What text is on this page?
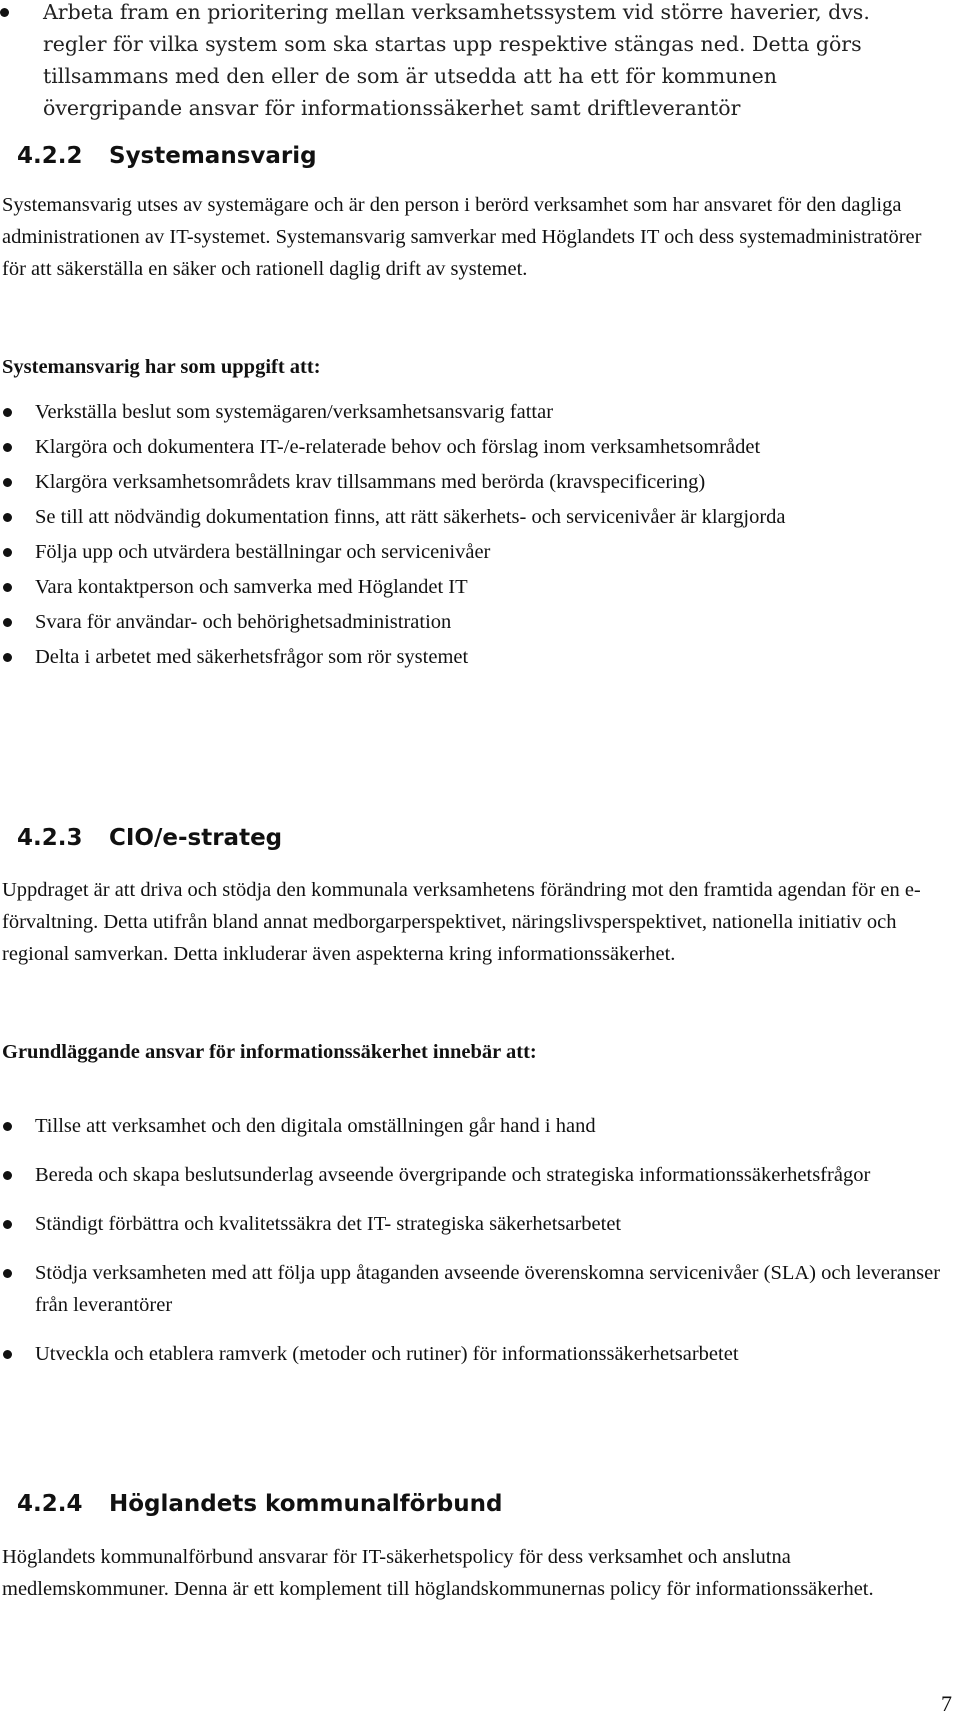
Arbeta fram en prioritering mellan verksamhetssystem vid större haverier, dvs. regler för vilka system som ska startas upp respektive stängas ned. Detta görs tillsammans med den eller de som är utsedda att ha ett för kommunen övergripande ansvar för informationssäkerhet samt driftleverantör
4.2.2 Systemansvarig

Systemansvarig utses av systemägare och är den person i berörd verksamhet som har ansvaret för den dagliga administrationen av IT-systemet. Systemansvarig samverkar med Höglandets IT och dess systemadministratörer för att säkerställa en säker och rationell daglig drift av systemet.

Systemansvarig har som uppgift att:

Verkställa beslut som systemägaren/verksamhetsansvarig fattar
Klargöra och dokumentera IT-/e-relaterade behov och förslag inom verksamhetsområdet
Klargöra verksamhetsområdets krav tillsammans med berörda (kravspecificering)
Se till att nödvändig dokumentation finns, att rätt säkerhets- och servicenivåer är klargjorda
Följa upp och utvärdera beställningar och servicenivåer
Vara kontaktperson och samverka med Höglandet IT
Svara för användar- och behörighetsadministration
Delta i arbetet med säkerhetsfrågor som rör systemet
4.2.3 CIO/e-strateg

Uppdraget är att driva och stödja den kommunala verksamhetens förändring mot den framtida agendan för en e-förvaltning. Detta utifrån bland annat medborgarperspektivet, näringslivsperspektivet, nationella initiativ och regional samverkan. Detta inkluderar även aspekterna kring informationssäkerhet.

Grundläggande ansvar för informationssäkerhet innebär att:

Tillse att verksamhet och den digitala omställningen går hand i hand
Bereda och skapa beslutsunderlag avseende övergripande och strategiska informationssäkerhetsfrågor
Ständigt förbättra och kvalitetssäkra det IT- strategiska säkerhetsarbetet
Stödja verksamheten med att följa upp åtaganden avseende överenskomna servicenivåer (SLA) och leveranser från leverantörer
Utveckla och etablera ramverk (metoder och rutiner) för informationssäkerhetsarbetet
4.2.4 Höglandets kommunalförbund

Höglandets kommunalförbund ansvarar för IT-säkerhetspolicy för dess verksamhet och anslutna medlemskommuner. Denna är ett komplement till höglandskommunernas policy för informationssäkerhet.

7
